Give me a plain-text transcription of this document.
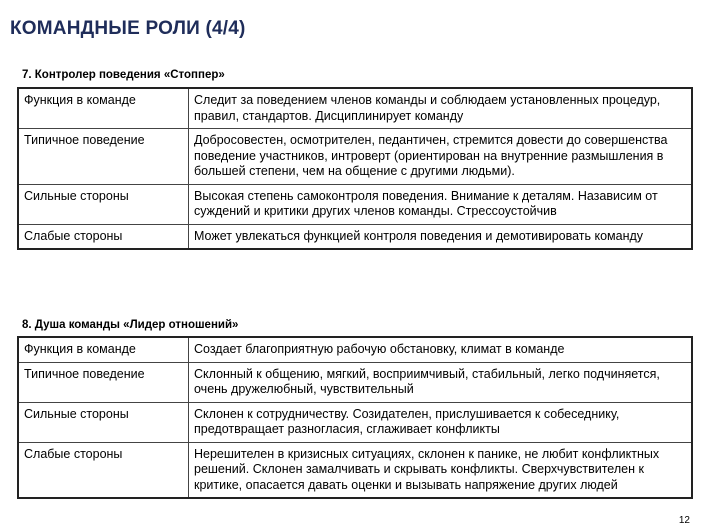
КОМАНДНЫЕ РОЛИ (4/4)
7. Контролер поведения «Стоппер»
Функция в команде	Следит за поведением членов команды и соблюдаем установленных процедур, правил, стандартов. Дисциплинирует команду
Типичное поведение	Добросовестен, осмотрителен, педантичен, стремится довести до совершенства поведение участников, интроверт (ориентирован на внутренние размышления в большей степени, чем на общение с другими людьми).
Сильные стороны	Высокая степень самоконтроля поведения. Внимание к деталям. Назависим от суждений и критики других членов команды. Стрессоустойчив
Слабые стороны	Может увлекаться функцией контроля поведения и демотивировать команду
8. Душа команды «Лидер отношений»
Функция в команде	Создает благоприятную рабочую обстановку, климат в команде
Типичное поведение	Склонный к общению, мягкий, восприимчивый, стабильный, легко подчиняется, очень дружелюбный, чувствительный
Сильные стороны	Склонен к сотрудничеству. Созидателен, прислушивается к собеседнику, предотвращает разногласия, сглаживает конфликты
Слабые стороны	Нерешителен в кризисных ситуациях, склонен к панике, не любит конфликтных решений. Склонен замалчивать и скрывать конфликты. Сверхчувствителен к критике, опасается давать оценки и вызывать напряжение других людей
12
